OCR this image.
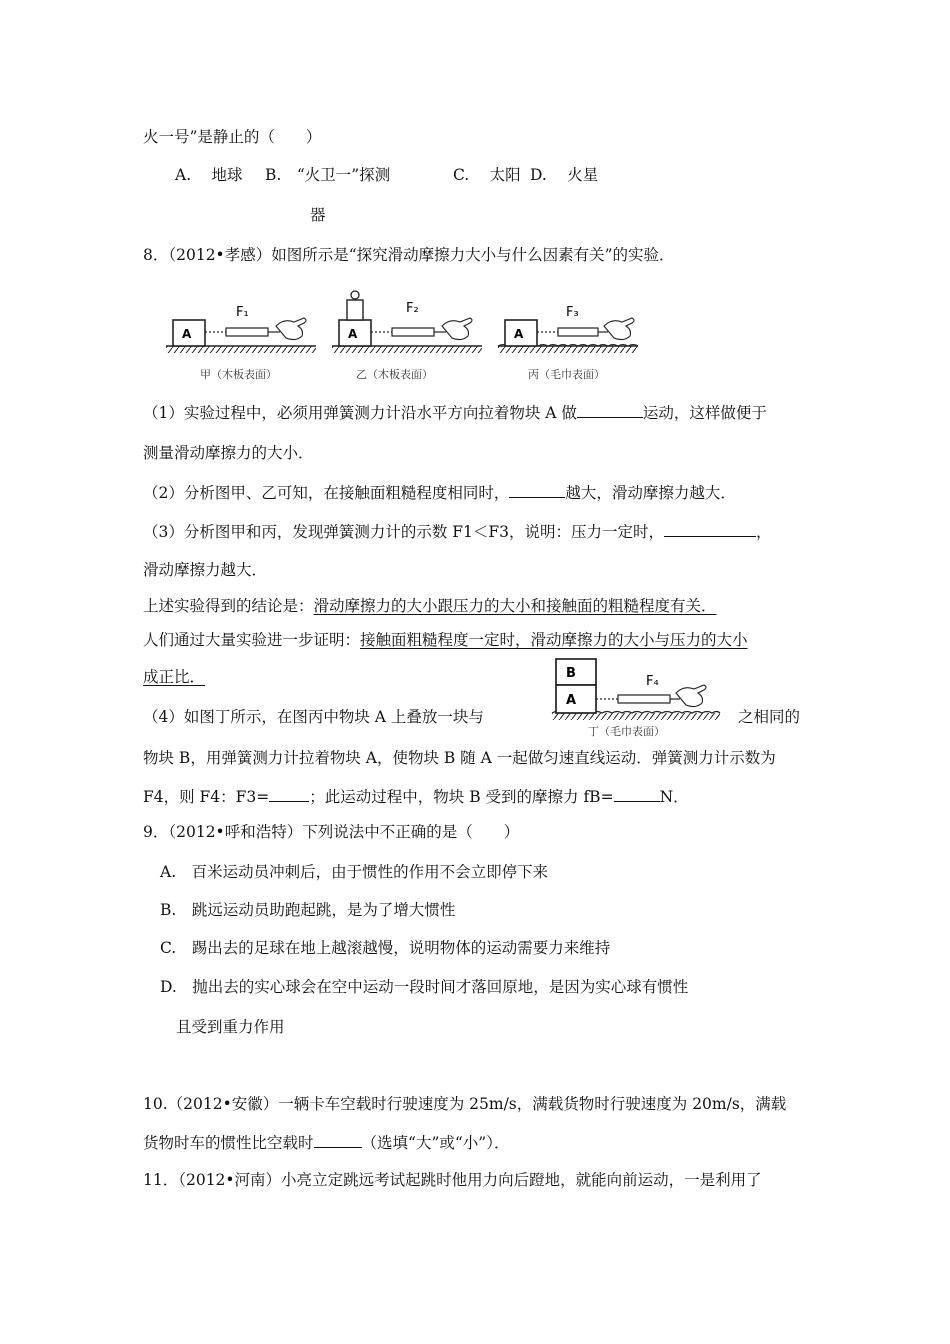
火一号”是静止的（　　）
A.　 地球 B.　“火卫一”探测
器
C.　 太阳 D.　 火星
8．（2012•孝感）如图所示是“探究滑动摩擦力大小与什么因素有关”的实验．
A
F₁
甲（木板表面）
A
F₂
乙（木板表面）
A
F₃
丙（毛巾表面）
（1）实验过程中，必须用弹簧测力计沿水平方向拉着物块 A 做	运动，这样做便于
测量滑动摩擦力的大小．
（2）分析图甲、乙可知，在接触面粗糙程度相同时，	越大，滑动摩擦力越大．
（3）分析图甲和丙，发现弹簧测力计的示数 F1＜F3，说明：压力一定时，	，
滑动摩擦力越大．
上述实验得到的结论是：滑动摩擦力的大小跟压力的大小和接触面的粗糙程度有关．
人们通过大量实验进一步证明：接触面粗糙程度一定时，滑动摩擦力的大小与压力的大小
成正比．	B
A
F₄
丁（毛巾表面）
（4）如图丁所示，在图丙中物块 A 上叠放一块与	之相同的
物块 B，用弹簧测力计拉着物块 A，使物块 B 随 A 一起做匀速直线运动．弹簧测力计示数为
F4，则 F4：F3=	；此运动过程中，物块 B 受到的摩擦力 fB=	N．
9．（2012•呼和浩特）下列说法中不正确的是（　　）
A.　百米运动员冲刺后，由于惯性的作用不会立即停下来
B.　跳远运动员助跑起跳，是为了增大惯性
C.　踢出去的足球在地上越滚越慢，说明物体的运动需要力来维持
D.　抛出去的实心球会在空中运动一段时间才落回原地，是因为实心球有惯性
且受到重力作用
10.（2012•安徽）一辆卡车空载时行驶速度为 25m/s，满载货物时行驶速度为 20m/s，满载
货物时车的惯性比空载时	（选填“大”或“小”）．
11．（2012•河南）小亮立定跳远考试起跳时他用力向后蹬地，就能向前运动，一是利用了
